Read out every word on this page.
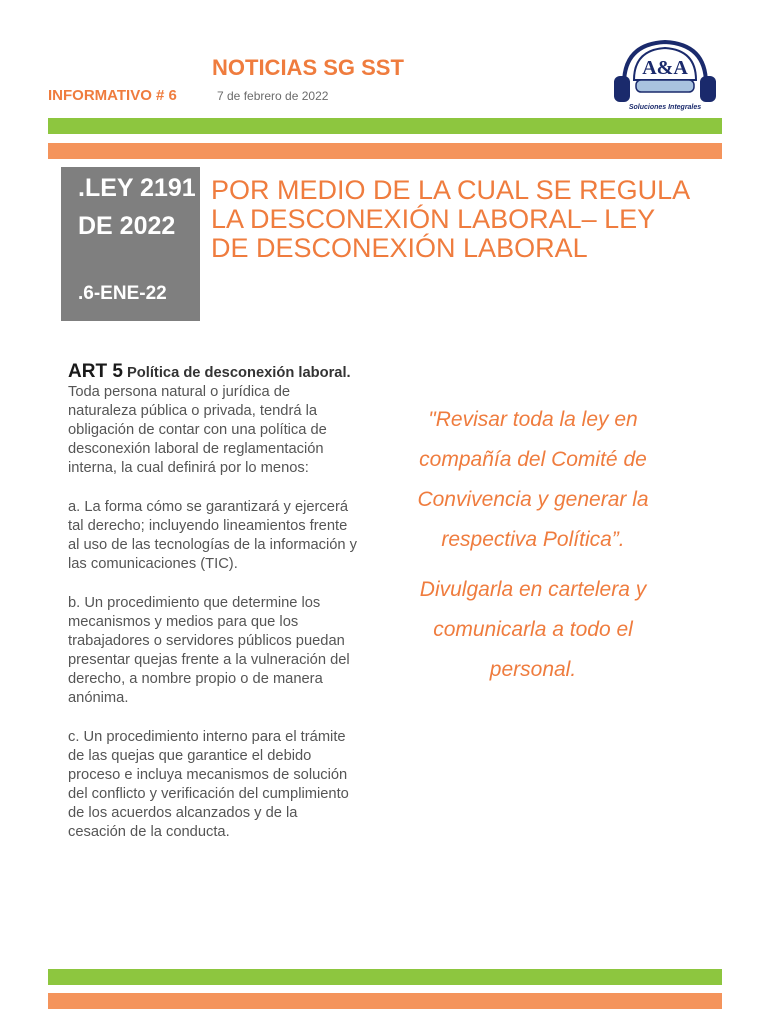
NOTICIAS SG SST
INFORMATIVO # 6	7 de febrero de 2022
A&A
Soluciones Integrales
.LEY 2191 DE 2022
.6-ENE-22
POR MEDIO DE LA CUAL SE REGULA LA DESCONEXIÓN LABORAL– LEY DE DESCONEXIÓN LABORAL

ART 5 Política de desconexión laboral. Toda persona natural o jurídica de naturaleza pública o privada, tendrá la obligación de contar con una política de desconexión laboral de reglamentación interna, la cual definirá por lo menos:

a. La forma cómo se garantizará y ejercerá tal derecho; incluyendo lineamientos frente al uso de las tecnologías de la información y las comunicaciones (TIC).

b. Un procedimiento que determine los mecanismos y medios para que los trabajadores o servidores públicos puedan presentar quejas frente a la vulneración del derecho, a nombre propio o de manera anónima.

c. Un procedimiento interno para el trámite de las quejas que garantice el debido proceso e incluya mecanismos de solución del conflicto y verificación del cumplimiento de los acuerdos alcanzados y de la cesación de la conducta.

"Revisar toda la ley en compañía del Comité de Convivencia y generar la respectiva Política”.

Divulgarla en cartelera y comunicarla a todo el personal.
